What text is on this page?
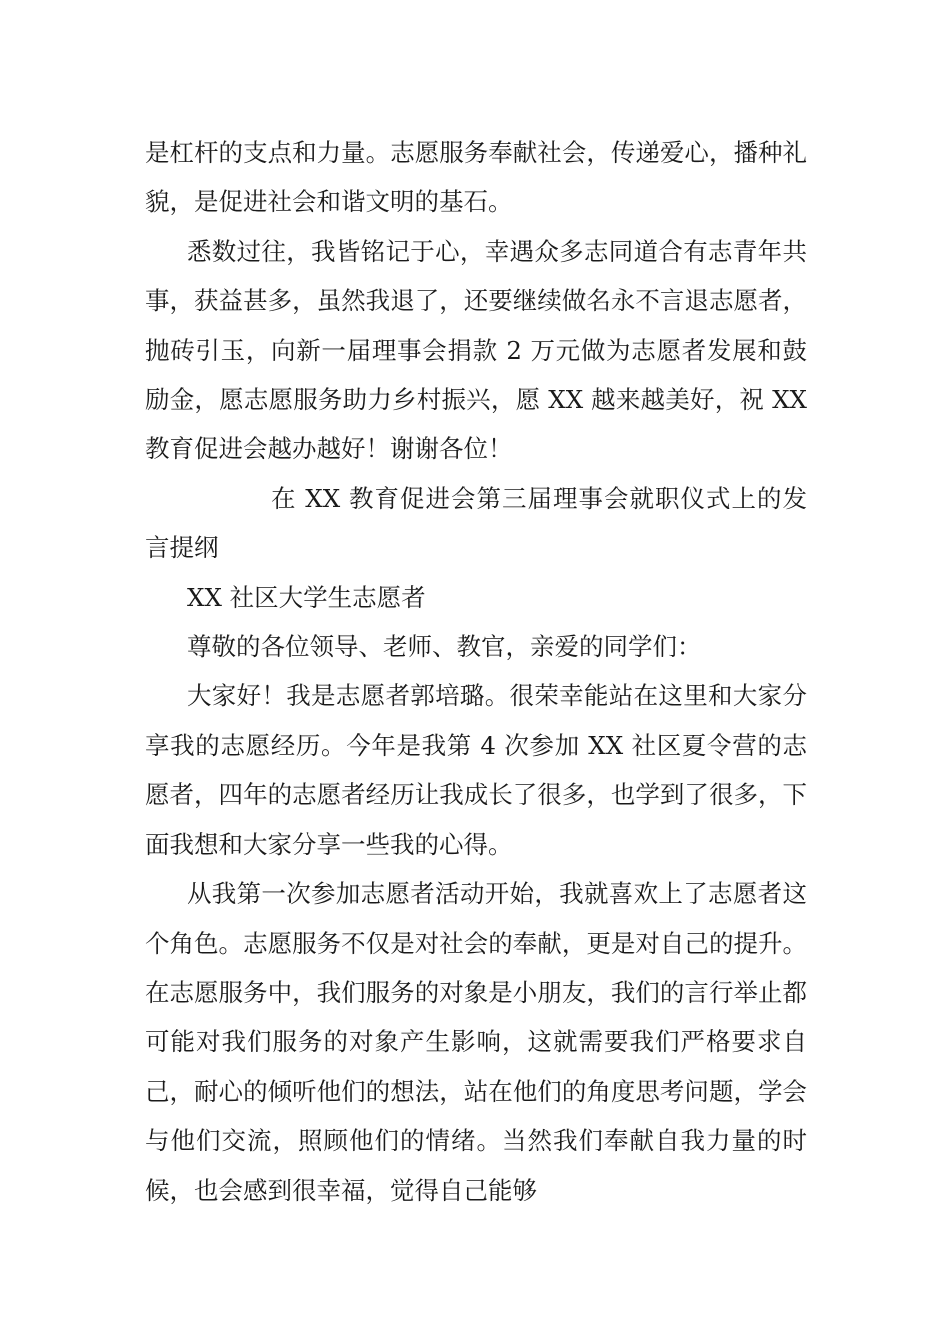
是杠杆的支点和力量。志愿服务奉献社会，传递爱心，播种礼貌，是促进社会和谐文明的基石。

悉数过往，我皆铭记于心，幸遇众多志同道合有志青年共事，获益甚多，虽然我退了，还要继续做名永不言退志愿者，抛砖引玉，向新一届理事会捐款 2 万元做为志愿者发展和鼓励金，愿志愿服务助力乡村振兴，愿 XX 越来越美好，祝 XX 教育促进会越办越好！谢谢各位！

在 XX 教育促进会第三届理事会就职仪式上的发言提纲

XX 社区大学生志愿者

尊敬的各位领导、老师、教官，亲爱的同学们：

大家好！我是志愿者郭培璐。很荣幸能站在这里和大家分享我的志愿经历。今年是我第 4 次参加 XX 社区夏令营的志愿者，四年的志愿者经历让我成长了很多，也学到了很多，下面我想和大家分享一些我的心得。

从我第一次参加志愿者活动开始，我就喜欢上了志愿者这个角色。志愿服务不仅是对社会的奉献，更是对自己的提升。在志愿服务中，我们服务的对象是小朋友，我们的言行举止都可能对我们服务的对象产生影响，这就需要我们严格要求自己，耐心的倾听他们的想法，站在他们的角度思考问题，学会与他们交流，照顾他们的情绪。当然我们奉献自我力量的时候，也会感到很幸福，觉得自己能够
